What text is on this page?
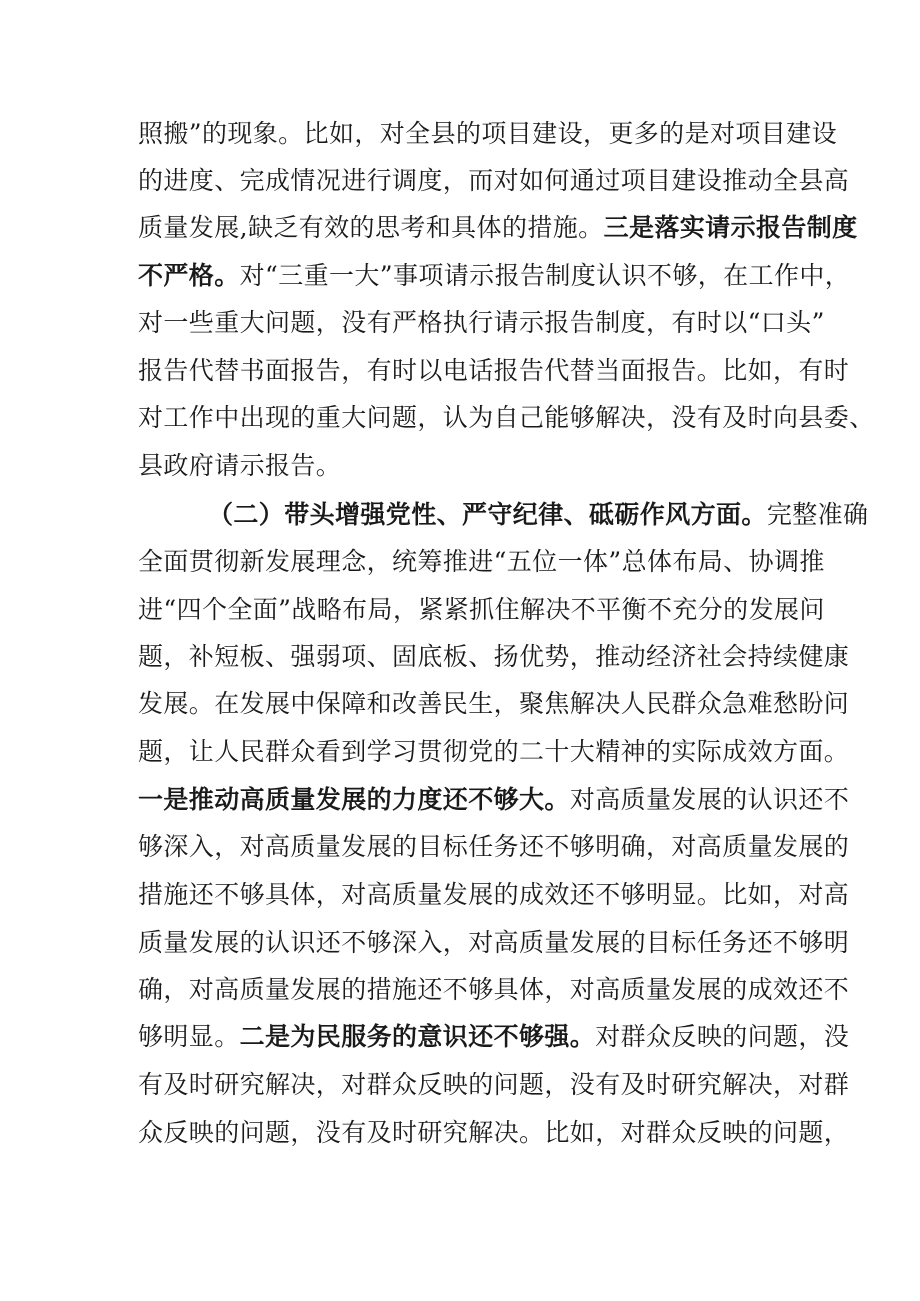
照搬”的现象。比如，对全县的项目建设，更多的是对项目建设
的进度、完成情况进行调度，而对如何通过项目建设推动全县高
质量发展,缺乏有效的思考和具体的措施。三是落实请示报告制度
不严格。对“三重一大”事项请示报告制度认识不够，在工作中，
对一些重大问题，没有严格执行请示报告制度，有时以“口头”
报告代替书面报告，有时以电话报告代替当面报告。比如，有时
对工作中出现的重大问题，认为自己能够解决，没有及时向县委、
县政府请示报告。
（二）带头增强党性、严守纪律、砥砺作风方面。完整准确
全面贯彻新发展理念，统筹推进“五位一体”总体布局、协调推
进“四个全面”战略布局，紧紧抓住解决不平衡不充分的发展问
题，补短板、强弱项、固底板、扬优势，推动经济社会持续健康
发展。在发展中保障和改善民生，聚焦解决人民群众急难愁盼问
题，让人民群众看到学习贯彻党的二十大精神的实际成效方面。
一是推动高质量发展的力度还不够大。对高质量发展的认识还不
够深入，对高质量发展的目标任务还不够明确，对高质量发展的
措施还不够具体，对高质量发展的成效还不够明显。比如，对高
质量发展的认识还不够深入，对高质量发展的目标任务还不够明
确，对高质量发展的措施还不够具体，对高质量发展的成效还不
够明显。二是为民服务的意识还不够强。对群众反映的问题，没
有及时研究解决，对群众反映的问题，没有及时研究解决，对群
众反映的问题，没有及时研究解决。比如，对群众反映的问题，
